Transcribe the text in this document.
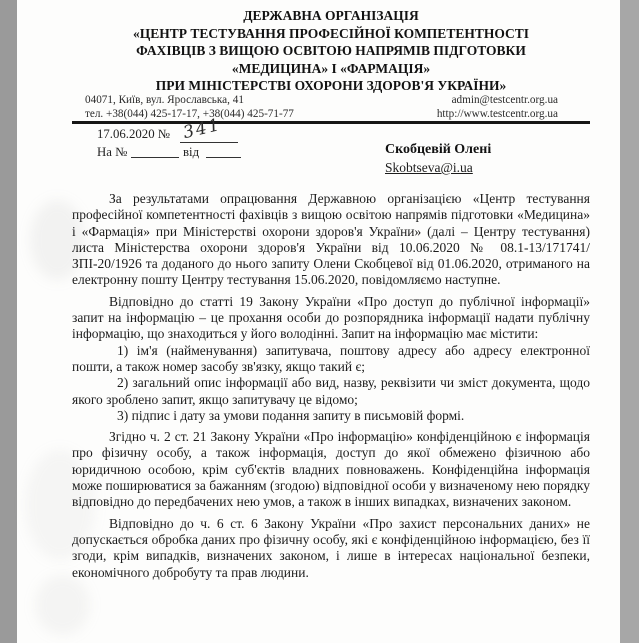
ДЕРЖАВНА ОРГАНІЗАЦІЯ
«ЦЕНТР ТЕСТУВАННЯ ПРОФЕСІЙНОЇ КОМПЕТЕНТНОСТІ
ФАХІВЦІВ З ВИЩОЮ ОСВІТОЮ НАПРЯМІВ ПІДГОТОВКИ
«МЕДИЦИНА» І «ФАРМАЦІЯ»
ПРИ МІНІСТЕРСТВІ ОХОРОНИ ЗДОРОВ'Я УКРАЇНИ»
04071, Київ, вул. Ярославська, 41
тел. +38(044) 425-17-17, +38(044) 425-71-77
admin@testcentr.org.ua
http://www.testcentr.org.ua
17.06.2020 № 341
На №	від	Скобцевій Олені
Skobtseva@i.ua

За результатами опрацювання Державною організацією «Центр тестування професійної компетентності фахівців з вищою освітою напрямів підготовки «Медицина» і «Фармація» при Міністерстві охорони здоров'я України» (далі – Центру тестування) листа Міністерства охорони здоров'я України від 10.06.2020 № 08.1-13/171741/ЗПІ-20/1926 та доданого до нього запиту Олени Скобцевої від 01.06.2020, отриманого на електронну пошту Центру тестування 15.06.2020, повідомляємо наступне.

Відповідно до статті 19 Закону України «Про доступ до публічної інформації» запит на інформацію – це прохання особи до розпорядника інформації надати публічну інформацію, що знаходиться у його володінні. Запит на інформацію має містити:

1) ім'я (найменування) запитувача, поштову адресу або адресу електронної пошти, а також номер засобу зв'язку, якщо такий є;

2) загальний опис інформації або вид, назву, реквізити чи зміст документа, щодо якого зроблено запит, якщо запитувачу це відомо;

3) підпис і дату за умови подання запиту в письмовій формі.

Згідно ч. 2 ст. 21 Закону України «Про інформацію» конфіденційною є інформація про фізичну особу, а також інформація, доступ до якої обмежено фізичною або юридичною особою, крім суб'єктів владних повноважень. Конфіденційна інформація може поширюватися за бажанням (згодою) відповідної особи у визначеному нею порядку відповідно до передбачених нею умов, а також в інших випадках, визначених законом.

Відповідно до ч. 6 ст. 6 Закону України «Про захист персональних даних» не допускається обробка даних про фізичну особу, які є конфіденційною інформацією, без її згоди, крім випадків, визначених законом, і лише в інтересах національної безпеки, економічного добробуту та прав людини.
